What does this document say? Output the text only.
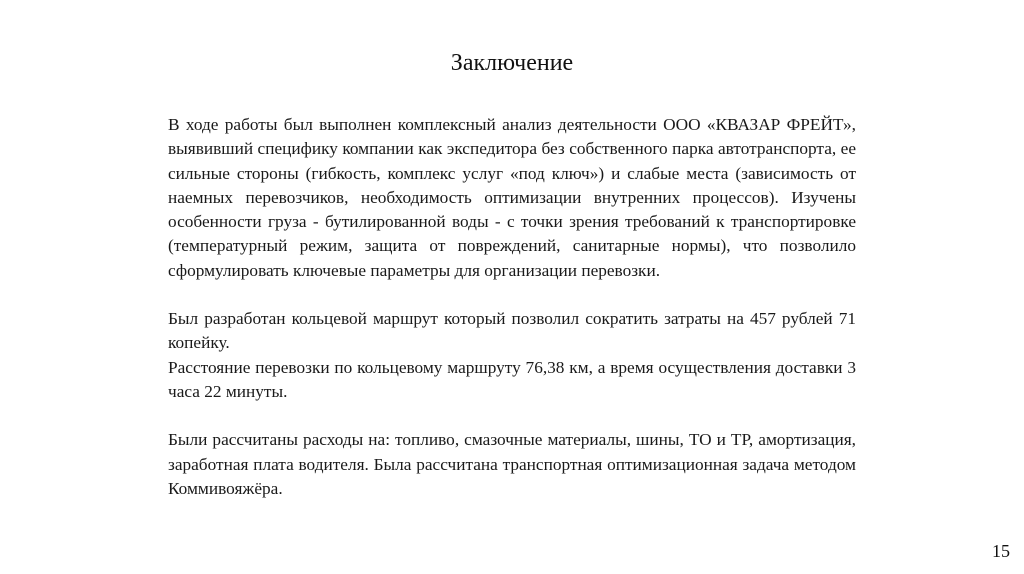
Заключение

В ходе работы был выполнен комплексный анализ деятельности ООО «КВАЗАР ФРЕЙТ», выявивший специфику компании как экспедитора без собственного парка автотранспорта, ее сильные стороны (гибкость, комплекс услуг «под ключ») и слабые места (зависимость от наемных перевозчиков, необходимость оптимизации внутренних процессов). Изучены особенности груза - бутилированной воды - с точки зрения требований к транспортировке (температурный режим, защита от повреждений, санитарные нормы), что позволило сформулировать ключевые параметры для организации перевозки.

Был разработан кольцевой маршрут который позволил сократить затраты на 457 рублей 71 копейку.

Расстояние перевозки по кольцевому маршруту 76,38 км, а время осуществления доставки 3 часа 22 минуты.

Были рассчитаны расходы на: топливо, смазочные материалы, шины, ТО и ТР, амортизация, заработная плата водителя. Была рассчитана транспортная оптимизационная задача методом Коммивояжёра.

15
